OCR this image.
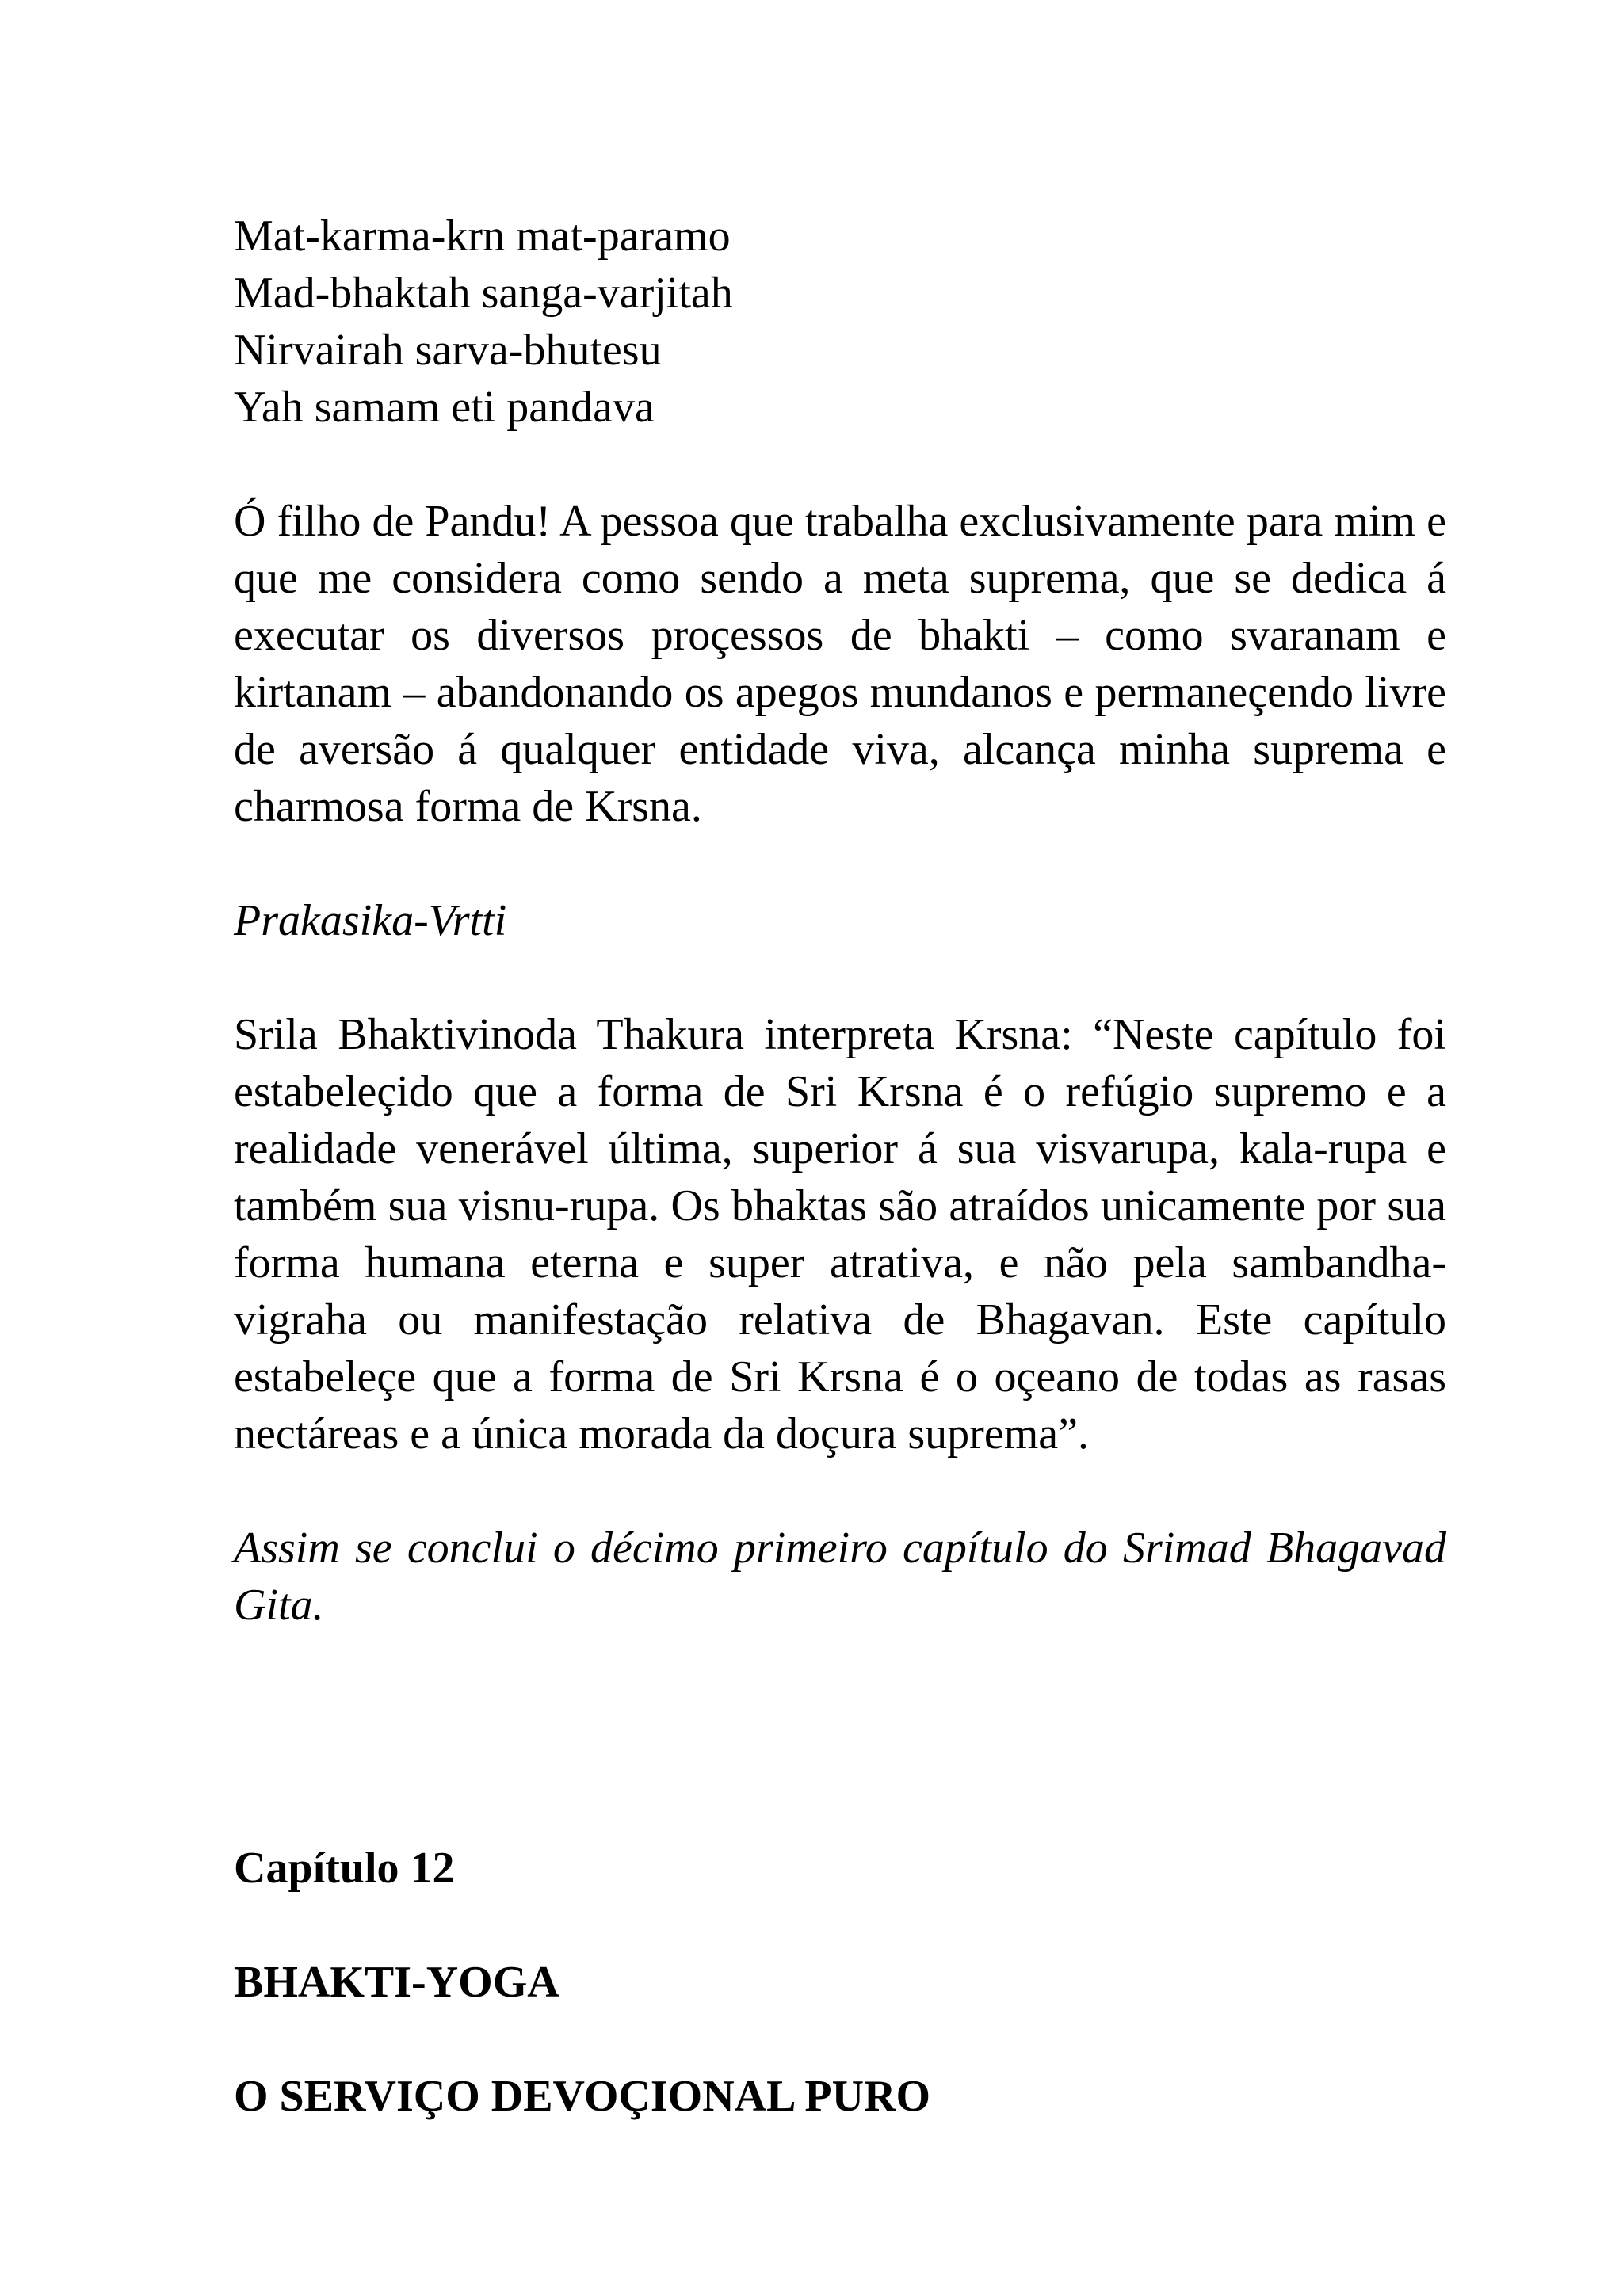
Mat-karma-krn mat-paramo
Mad-bhaktah sanga-varjitah
Nirvairah sarva-bhutesu
Yah samam eti pandava

Ó filho de Pandu! A pessoa que trabalha exclusivamente para mim e que me considera como sendo a meta suprema, que se dedica á executar os diversos proçessos de bhakti – como svaranam e kirtanam – abandonando os apegos mundanos e permaneçendo livre de aversão á qualquer entidade viva, alcança minha suprema e charmosa forma de Krsna.

Prakasika-Vrtti

Srila Bhaktivinoda Thakura interpreta Krsna: “Neste capítulo foi estabeleçido que a forma de Sri Krsna é o refúgio supremo e a realidade venerável última, superior á sua visvarupa, kala-rupa e também sua visnu-rupa. Os bhaktas são atraídos unicamente por sua forma humana eterna e super atrativa, e não pela sambandha-vigraha ou manifestação relativa de Bhagavan. Este capítulo estabeleçe que a forma de Sri Krsna é o oçeano de todas as rasas nectáreas e a única morada da doçura suprema”.

Assim se conclui o décimo primeiro capítulo do Srimad Bhagavad Gita.

Capítulo 12

BHAKTI-YOGA

O SERVIÇO DEVOÇIONAL PURO
